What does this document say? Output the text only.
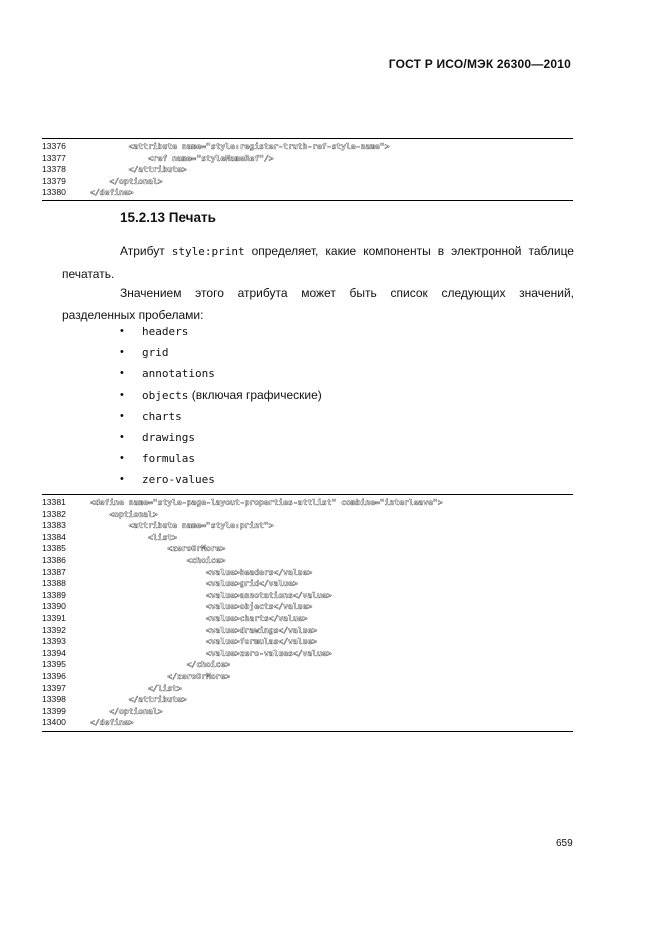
ГОСТ Р ИСО/МЭК 26300—2010
13376	<attribute name="style:register-truth-ref-style-name">
13377	<ref name="styleNameRef"/>
13378	</attribute>
13379	</optional>
13380	</define>
15.2.13 Печать
Атрибут style:print определяет, какие компоненты в электронной таблице печатать.
Значением этого атрибута может быть список следующих значений, разделенных пробелами:
• headers
• grid
• annotations
• objects (включая графические)
• charts
• drawings
• formulas
• zero-values
13381	<define name="style-page-layout-properties-attlist" combine="interleave">
13382	<optional>
13383	<attribute name="style:print">
13384	<list>
13385	<zeroOrMore>
13386	<choice>
13387	<value>headers</value>
13388	<value>grid</value>
13389	<value>annotations</value>
13390	<value>objects</value>
13391	<value>charts</value>
13392	<value>drawings</value>
13393	<value>formulas</value>
13394	<value>zero-values</value>
13395	</choice>
13396	</zeroOrMore>
13397	</list>
13398	</attribute>
13399	</optional>
13400	</define>
659
